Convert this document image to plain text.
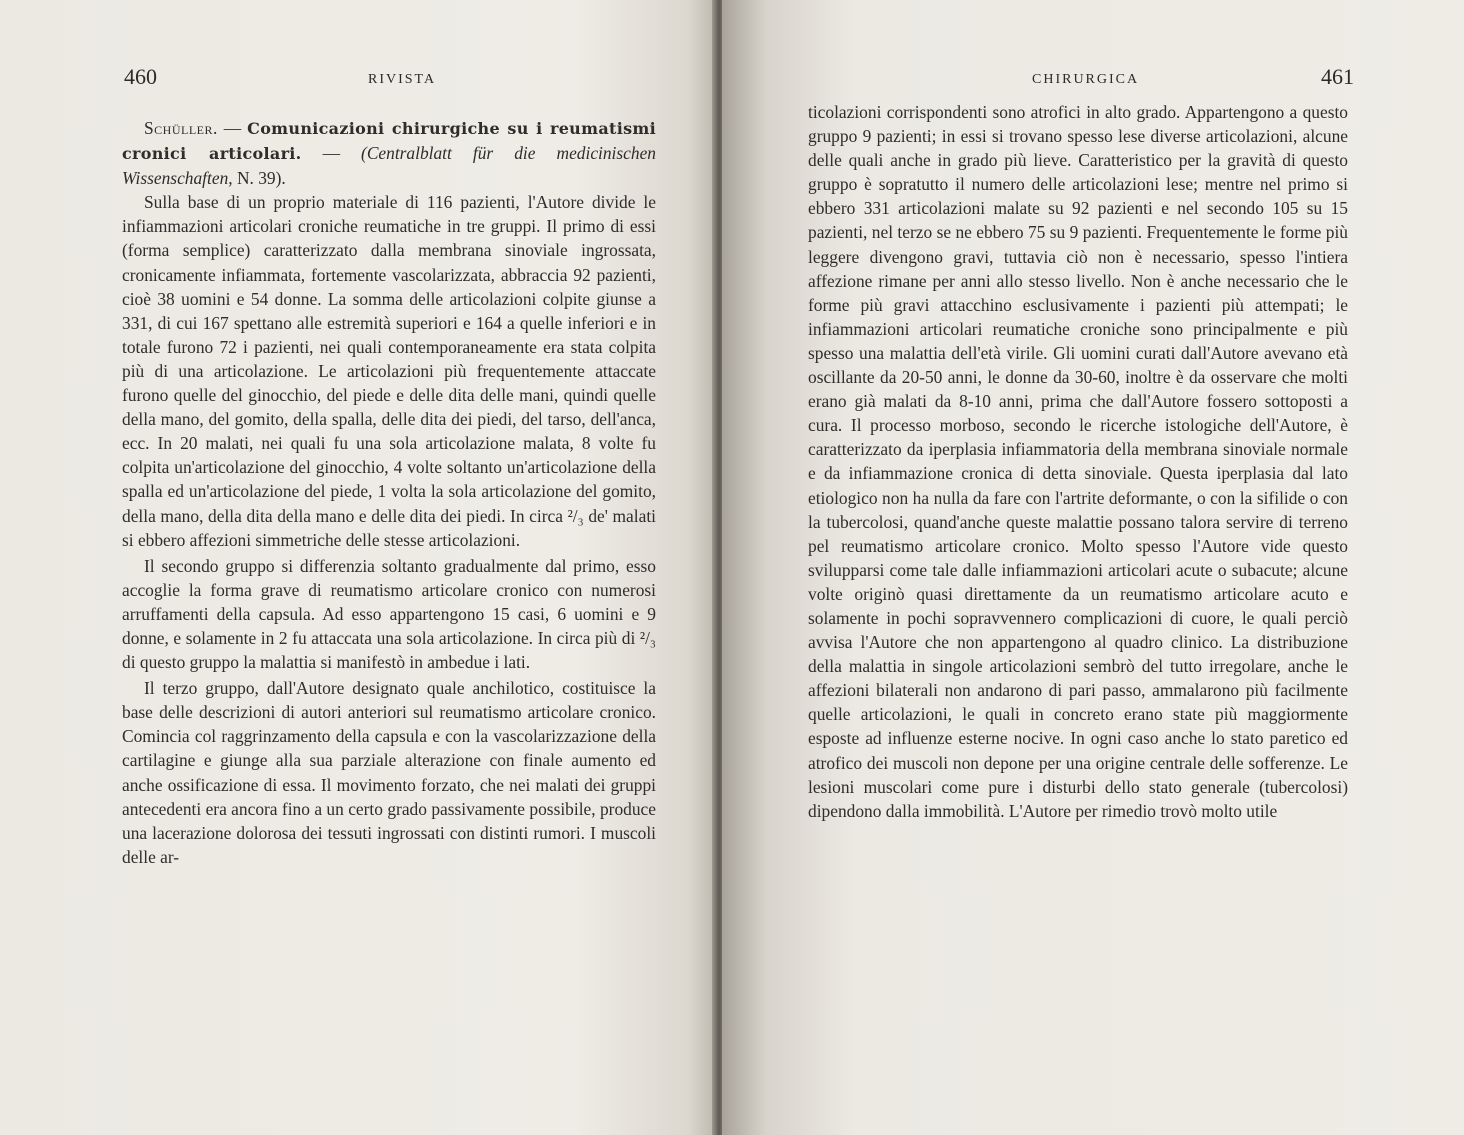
460	RIVISTA

Schüller. — Comunicazioni chirurgiche su i reumatismi cronici articolari. — (Centralblatt für die medicinischen Wissenschaften, N. 39).

Sulla base di un proprio materiale di 116 pazienti, l'Autore divide le infiammazioni articolari croniche reumatiche in tre gruppi. Il primo di essi (forma semplice) caratterizzato dalla membrana sinoviale ingrossata, cronicamente infiammata, fortemente vascolarizzata, abbraccia 92 pazienti, cioè 38 uomini e 54 donne. La somma delle articolazioni colpite giunse a 331, di cui 167 spettano alle estremità superiori e 164 a quelle inferiori e in totale furono 72 i pazienti, nei quali contemporaneamente era stata colpita più di una articolazione. Le articolazioni più frequentemente attaccate furono quelle del ginocchio, del piede e delle dita delle mani, quindi quelle della mano, del gomito, della spalla, delle dita dei piedi, del tarso, dell'anca, ecc. In 20 malati, nei quali fu una sola articolazione malata, 8 volte fu colpita un'articolazione del ginocchio, 4 volte soltanto un'articolazione della spalla ed un'articolazione del piede, 1 volta la sola articolazione del gomito, della mano, della dita della mano e delle dita dei piedi. In circa ²/₃ de' malati si ebbero affezioni simmetriche delle stesse articolazioni.

Il secondo gruppo si differenzia soltanto gradualmente dal primo, esso accoglie la forma grave di reumatismo articolare cronico con numerosi arruffamenti della capsula. Ad esso appartengono 15 casi, 6 uomini e 9 donne, e solamente in 2 fu attaccata una sola articolazione. In circa più di ²/₃ di questo gruppo la malattia si manifestò in ambedue i lati.

Il terzo gruppo, dall'Autore designato quale anchilotico, costituisce la base delle descrizioni di autori anteriori sul reumatismo articolare cronico. Comincia col raggrinzamento della capsula e con la vascolarizzazione della cartilagine e giunge alla sua parziale alterazione con finale aumento ed anche ossificazione di essa. Il movimento forzato, che nei malati dei gruppi antecedenti era ancora fino a un certo grado passivamente possibile, produce una lacerazione dolorosa dei tessuti ingrossati con distinti rumori. I muscoli delle ar-

CHIRURGICA	461

ticolazioni corrispondenti sono atrofici in alto grado. Appartengono a questo gruppo 9 pazienti; in essi si trovano spesso lese diverse articolazioni, alcune delle quali anche in grado più lieve. Caratteristico per la gravità di questo gruppo è sopratutto il numero delle articolazioni lese; mentre nel primo si ebbero 331 articolazioni malate su 92 pazienti e nel secondo 105 su 15 pazienti, nel terzo se ne ebbero 75 su 9 pazienti. Frequentemente le forme più leggere divengono gravi, tuttavia ciò non è necessario, spesso l'intiera affezione rimane per anni allo stesso livello. Non è anche necessario che le forme più gravi attacchino esclusivamente i pazienti più attempati; le infiammazioni articolari reumatiche croniche sono principalmente e più spesso una malattia dell'età virile. Gli uomini curati dall'Autore avevano età oscillante da 20-50 anni, le donne da 30-60, inoltre è da osservare che molti erano già malati da 8-10 anni, prima che dall'Autore fossero sottoposti a cura. Il processo morboso, secondo le ricerche istologiche dell'Autore, è caratterizzato da iperplasia infiammatoria della membrana sinoviale normale e da infiammazione cronica di detta sinoviale. Questa iperplasia dal lato etiologico non ha nulla da fare con l'artrite deformante, o con la sifilide o con la tubercolosi, quand'anche queste malattie possano talora servire di terreno pel reumatismo articolare cronico. Molto spesso l'Autore vide questo svilupparsi come tale dalle infiammazioni articolari acute o subacute; alcune volte originò quasi direttamente da un reumatismo articolare acuto e solamente in pochi sopravvennero complicazioni di cuore, le quali perciò avvisa l'Autore che non appartengono al quadro clinico. La distribuzione della malattia in singole articolazioni sembrò del tutto irregolare, anche le affezioni bilaterali non andarono di pari passo, ammalarono più facilmente quelle articolazioni, le quali in concreto erano state più maggiormente esposte ad influenze esterne nocive. In ogni caso anche lo stato paretico ed atrofico dei muscoli non depone per una origine centrale delle sofferenze. Le lesioni muscolari come pure i disturbi dello stato generale (tubercolosi) dipendono dalla immobilità. L'Autore per rimedio trovò molto utile
